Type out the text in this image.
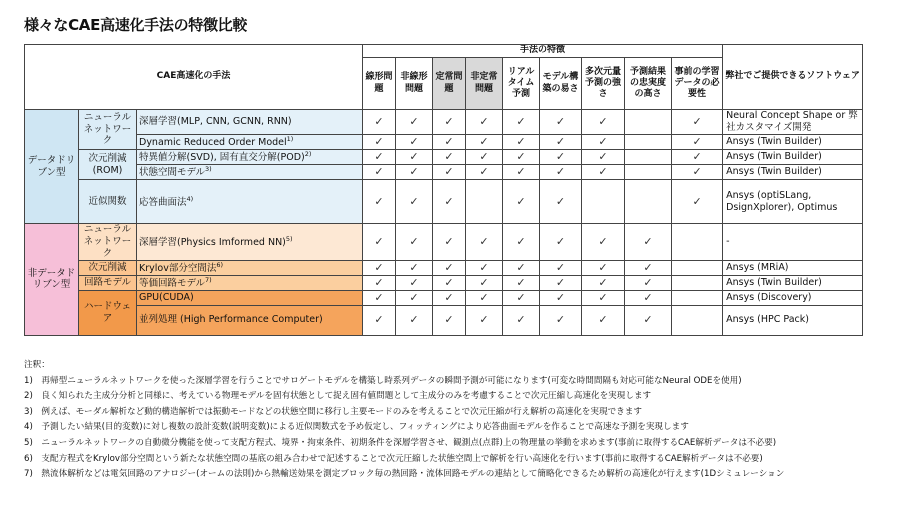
様々なCAE高速化手法の特徴比較
CAE高速化の手法			手法の特徴									弊社でご提供できるソフトウェア
			線形問題	非線形問題	定常問題	非定常問題	リアルタイム予測	モデル構築の易さ	多次元量予測の強さ	予測結果の忠実度の高さ	事前の学習データの必要性	
データドリブン型	ニューラルネットワーク	深層学習(MLP, CNN, GCNN, RNN)	✓	✓	✓	✓	✓	✓	✓		✓	Neural Concept Shape or 弊社カスタマイズ開発
		Dynamic Reduced Order Model$^{1)}$	✓	✓	✓	✓	✓	✓	✓		✓	Ansys (Twin Builder)
	次元削減(ROM)	特異値分解(SVD), 固有直交分解(POD)$^{2)}$	✓	✓	✓	✓	✓	✓	✓		✓	Ansys (Twin Builder)
		状態空間モデル$^{3)}$	✓	✓	✓	✓	✓	✓	✓		✓	Ansys (Twin Builder)
	近似関数	応答曲面法$^{4)}$	✓	✓	✓		✓	✓			✓	Ansys (optiSLang, DsignXplorer), Optimus
非データドリブン型	ニューラルネットワーク	深層学習(Physics Imformed NN)$^{5)}$	✓	✓	✓	✓	✓	✓	✓	✓		-
	次元削減	Krylov部分空間法$^{6)}$	✓	✓	✓	✓	✓	✓	✓	✓		Ansys (MRiA)
	回路モデル	等価回路モデル$^{7)}$	✓	✓	✓	✓	✓	✓	✓	✓		Ansys (Twin Builder)
	ハードウェア	GPU(CUDA)	✓	✓	✓	✓	✓	✓	✓	✓		Ansys (Discovery)
		並列処理 (High Performance Computer)	✓	✓	✓	✓	✓	✓	✓	✓		Ansys (HPC Pack)
注釈：
1)　再帰型ニューラルネットワークを使った深層学習を行うことでサロゲートモデルを構築し時系列データの瞬間予測が可能になります(可変な時間間隔も対応可能なNeural ODEを使用)
2)　良く知られた主成分分析と同様に、考えている物理モデルを固有状態として捉え固有値問題として主成分のみを考慮することで次元圧縮し高速化を実現します
3)　例えば、モーダル解析など動的構造解析では振動モードなどの状態空間に移行し主要モードのみを考えることで次元圧縮が行え解析の高速化を実現できます
4)　予測したい結果(目的変数)に対し複数の設計変数(説明変数)による近似関数式を予め仮定し、フィッティングにより応答曲面モデルを作ることで高速な予測を実現します
5)　ニューラルネットワークの自動微分機能を使って支配方程式、境界・拘束条件、初期条件を深層学習させ、観測点(点群)上の物理量の挙動を求めます(事前に取得するCAE解析データは不必要)
6)　支配方程式をKrylov部分空間という新たな状態空間の基底の組み合わせで記述することで次元圧縮した状態空間上で解析を行い高速化を行います(事前に取得するCAE解析データは不必要)
7)　熱流体解析などは電気回路のアナロジー(オームの法則)から熱輸送効果を測定ブロック毎の熱回路・流体回路モデルの連結として簡略化できるため解析の高速化が行えます(1Dシミュレーション
